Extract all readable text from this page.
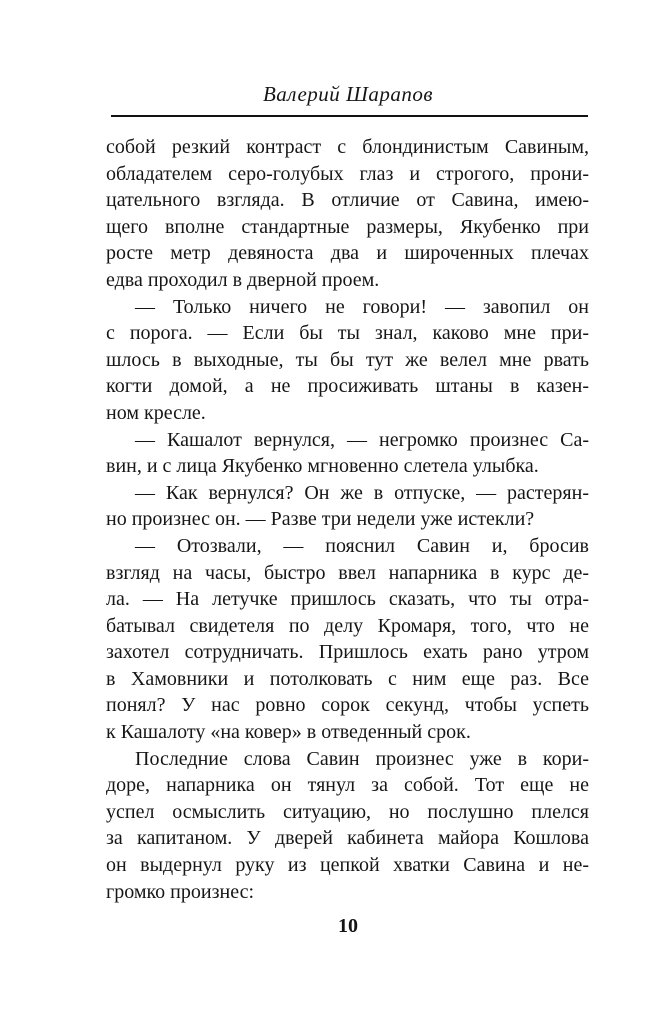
Валерий Шарапов
собой резкий контраст с блондинистым Савиным,
обладателем серо-голубых глаз и строгого, прони-
цательного взгляда. В отличие от Савина, имею-
щего вполне стандартные размеры, Якубенко при
росте метр девяноста два и широченных плечах
едва проходил в дверной проем.
— Только ничего не говори! — завопил он
с порога. — Если бы ты знал, каково мне при-
шлось в выходные, ты бы тут же велел мне рвать
когти домой, а не просиживать штаны в казен-
ном кресле.
— Кашалот вернулся, — негромко произнес Са-
вин, и с лица Якубенко мгновенно слетела улыбка.
— Как вернулся? Он же в отпуске, — растерян-
но произнес он. — Разве три недели уже истекли?
— Отозвали, — пояснил Савин и, бросив
взгляд на часы, быстро ввел напарника в курс де-
ла. — На летучке пришлось сказать, что ты отра-
батывал свидетеля по делу Кромаря, того, что не
захотел сотрудничать. Пришлось ехать рано утром
в Хамовники и потолковать с ним еще раз. Все
понял? У нас ровно сорок секунд, чтобы успеть
к Кашалоту «на ковер» в отведенный срок.
Последние слова Савин произнес уже в кори-
доре, напарника он тянул за собой. Тот еще не
успел осмыслить ситуацию, но послушно плелся
за капитаном. У дверей кабинета майора Кошлова
он выдернул руку из цепкой хватки Савина и не-
громко произнес:
10
